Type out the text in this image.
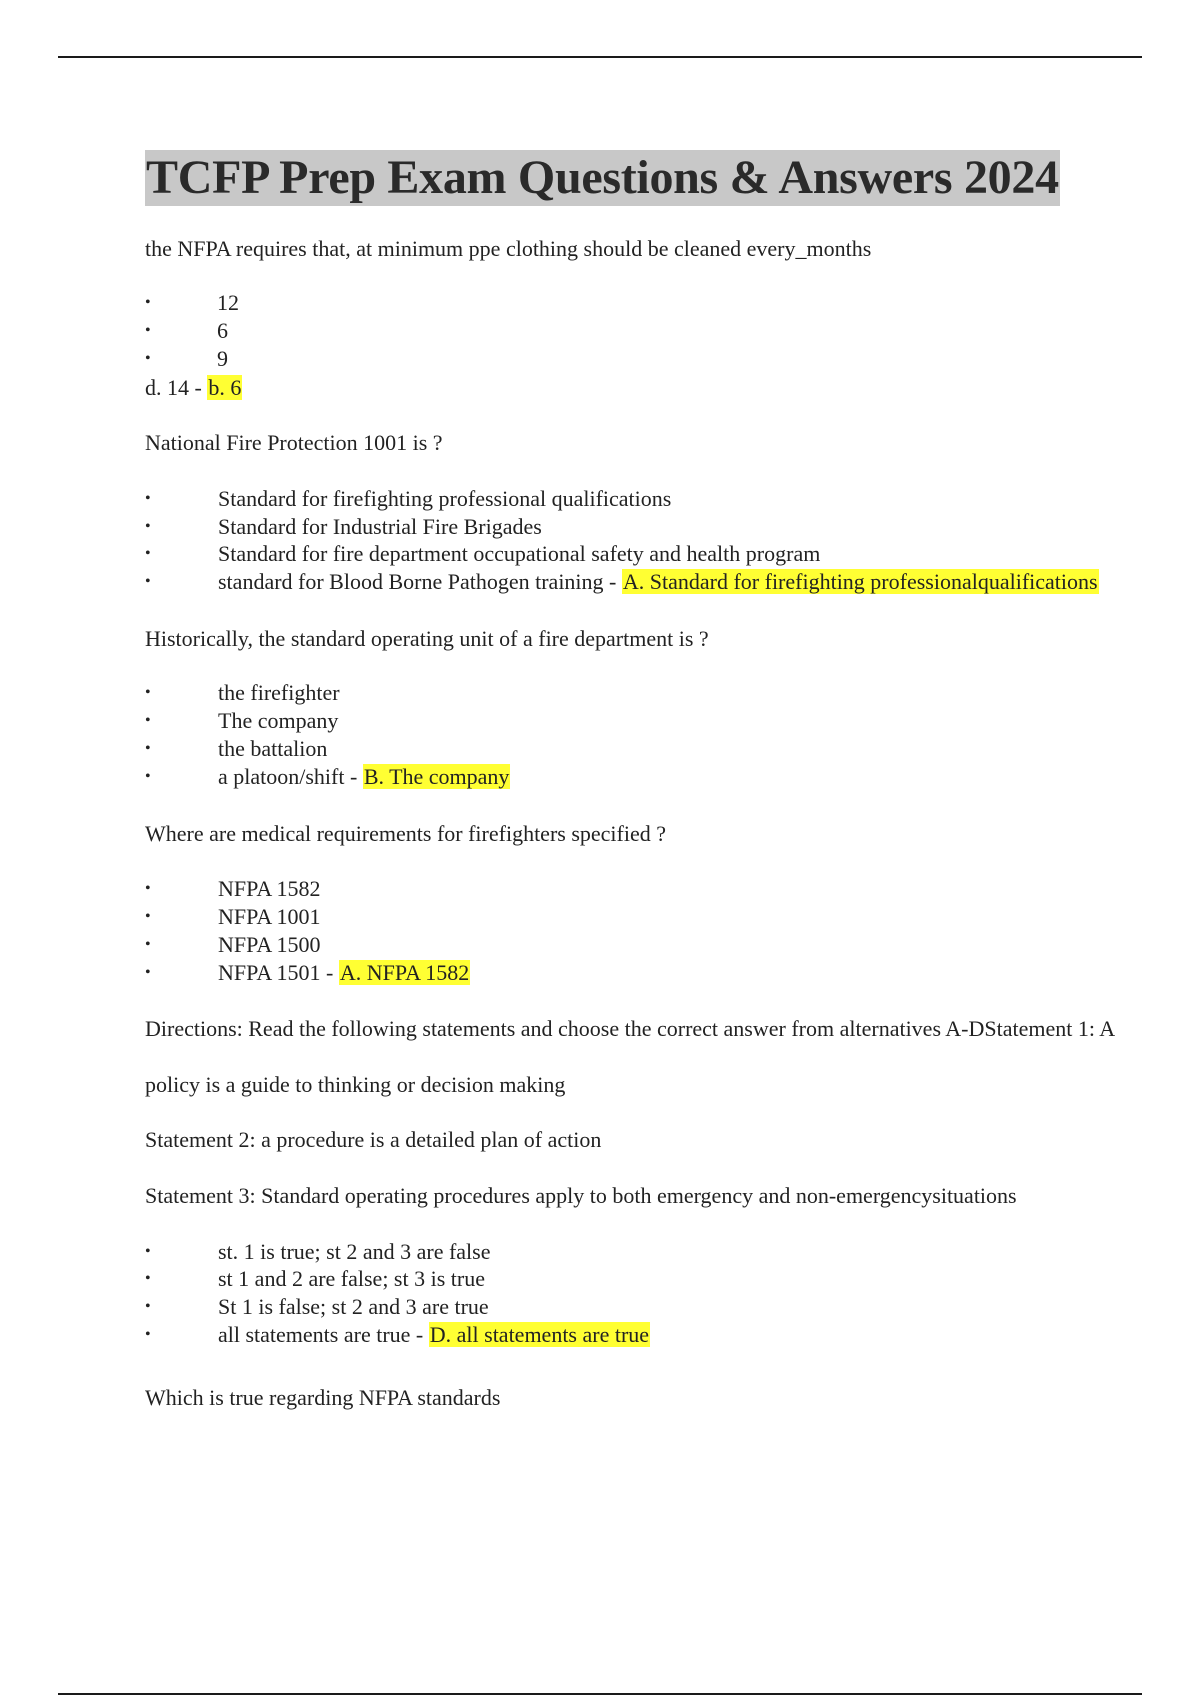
TCFP Prep Exam Questions & Answers 2024
the NFPA requires that, at minimum ppe clothing should be cleaned every_months
•	12
•	6
•	9
d. 14 - b. 6
National Fire Protection 1001 is ?
•	Standard for firefighting professional qualifications
•	Standard for Industrial Fire Brigades
•	Standard for fire department occupational safety and health program
•	standard for Blood Borne Pathogen training - A. Standard for firefighting professionalqualifications
Historically, the standard operating unit of a fire department is ?
•	the firefighter
•	The company
•	the battalion
•	a platoon/shift - B. The company
Where are medical requirements for firefighters specified ?
•	NFPA 1582
•	NFPA 1001
•	NFPA 1500
•	NFPA 1501 - A. NFPA 1582
Directions: Read the following statements and choose the correct answer from alternatives A-DStatement 1: A
policy is a guide to thinking or decision making
Statement 2: a procedure is a detailed plan of action
Statement 3: Standard operating procedures apply to both emergency and non-emergencysituations
•	st. 1 is true; st 2 and 3 are false
•	st 1 and 2 are false; st 3 is true
•	St 1 is false; st 2 and 3 are true
•	all statements are true - D. all statements are true
Which is true regarding NFPA standards
